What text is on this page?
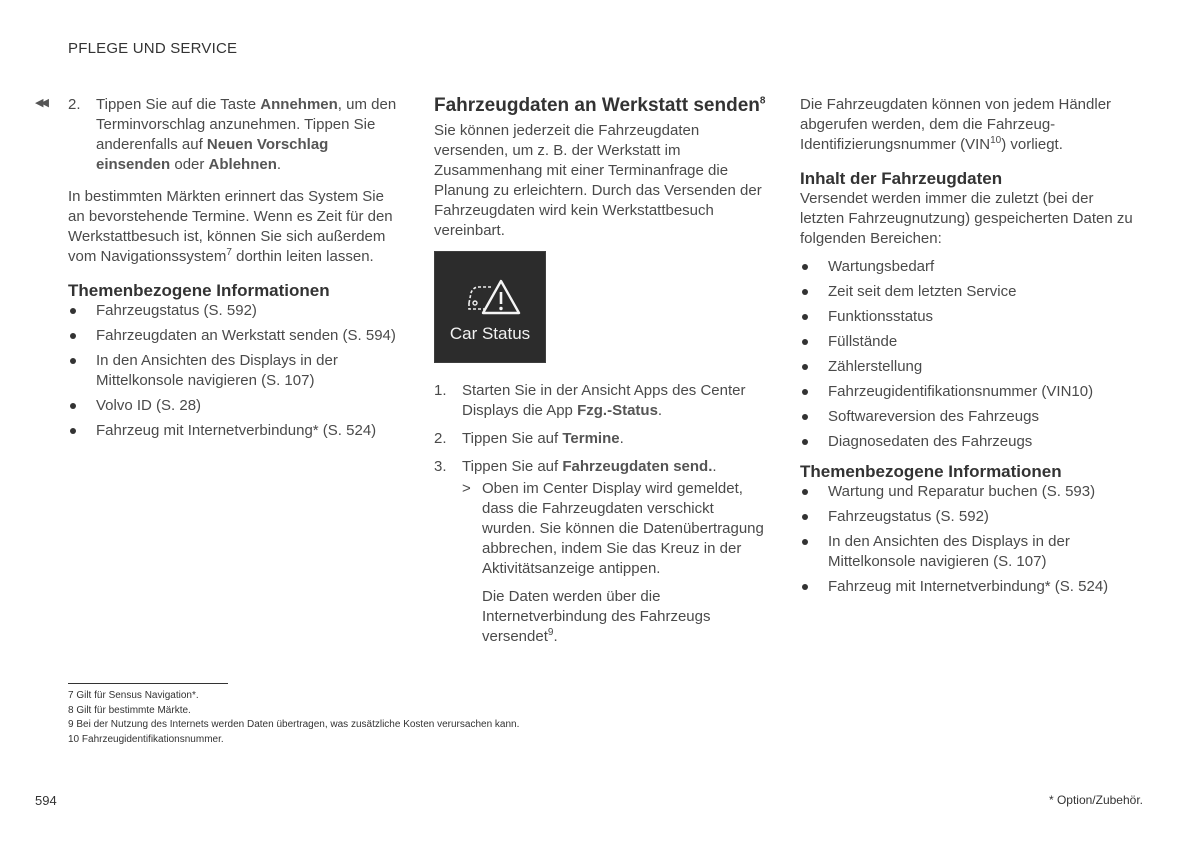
PFLEGE UND SERVICE
◀◀ 2. Tippen Sie auf die Taste Annehmen, um den Terminvorschlag anzunehmen. Tippen Sie anderenfalls auf Neuen Vorschlag einsenden oder Ablehnen.

In bestimmten Märkten erinnert das System Sie an bevorstehende Termine. Wenn es Zeit für den Werkstattbesuch ist, können Sie sich außerdem vom Navigationssystem$^7$ dorthin leiten lassen.

Themenbezogene Informationen
Fahrzeugstatus (S. 592)
Fahrzeugdaten an Werkstatt senden (S. 594)
In den Ansichten des Displays in der Mittelkonsole navigieren (S. 107)
Volvo ID (S. 28)
Fahrzeug mit Internetverbindung* (S. 524)
Fahrzeugdaten an Werkstatt senden$^8$

Sie können jederzeit die Fahrzeugdaten versenden, um z. B. der Werkstatt im Zusammenhang mit einer Terminanfrage die Planung zu erleichtern. Durch das Versenden der Fahrzeugdaten wird kein Werkstattbesuch vereinbart.

Car Status
1. Starten Sie in der Ansicht Apps des Center Displays die App Fzg.-Status.
2. Tippen Sie auf Termine.
3. Tippen Sie auf Fahrzeugdaten send..
> Oben im Center Display wird gemeldet, dass die Fahrzeugdaten verschickt wurden. Sie können die Datenübertragung abbrechen, indem Sie das Kreuz in der Aktivitätsanzeige antippen.

Die Daten werden über die Internetverbindung des Fahrzeugs versendet$^9$.

Die Fahrzeugdaten können von jedem Händler abgerufen werden, dem die Fahrzeug-Identifizierungsnummer (VIN$^{10}$) vorliegt.

Inhalt der Fahrzeugdaten

Versendet werden immer die zuletzt (bei der letzten Fahrzeugnutzung) gespeicherten Daten zu folgenden Bereichen:

Wartungsbedarf
Zeit seit dem letzten Service
Funktionsstatus
Füllstände
Zählerstellung
Fahrzeugidentifikationsnummer (VIN10)
Softwareversion des Fahrzeugs
Diagnosedaten des Fahrzeugs
Themenbezogene Informationen
Wartung und Reparatur buchen (S. 593)
Fahrzeugstatus (S. 592)
In den Ansichten des Displays in der Mittelkonsole navigieren (S. 107)
Fahrzeug mit Internetverbindung* (S. 524)
7 Gilt für Sensus Navigation*.
8 Gilt für bestimmte Märkte.
9 Bei der Nutzung des Internets werden Daten übertragen, was zusätzliche Kosten verursachen kann.
10 Fahrzeugidentifikationsnummer.
594	* Option/Zubehör.
